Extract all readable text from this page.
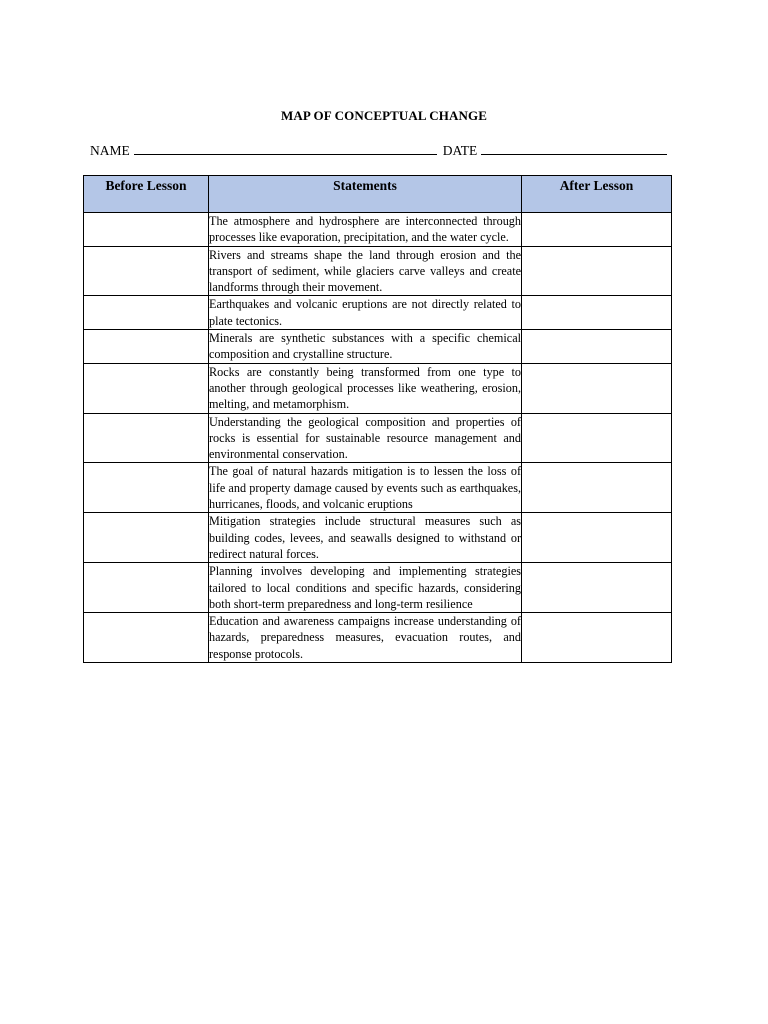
MAP OF CONCEPTUAL CHANGE
NAME	DATE
Before Lesson	Statements	After Lesson
	The atmosphere and hydrosphere are interconnected through processes like evaporation, precipitation, and the water cycle.	
	Rivers and streams shape the land through erosion and the transport of sediment, while glaciers carve valleys and create landforms through their movement.	
	Earthquakes and volcanic eruptions are not directly related to plate tectonics.	
	Minerals are synthetic substances with a specific chemical composition and crystalline structure.	
	Rocks are constantly being transformed from one type to another through geological processes like weathering, erosion, melting, and metamorphism.	
	Understanding the geological composition and properties of rocks is essential for sustainable resource management and environmental conservation.	
	The goal of natural hazards mitigation is to lessen the loss of life and property damage caused by events such as earthquakes, hurricanes, floods, and volcanic eruptions	
	Mitigation strategies include structural measures such as building codes, levees, and seawalls designed to withstand or redirect natural forces.	
	Planning involves developing and implementing strategies tailored to local conditions and specific hazards, considering both short-term preparedness and long-term resilience	
	Education and awareness campaigns increase understanding of hazards, preparedness measures, evacuation routes, and response protocols.	
